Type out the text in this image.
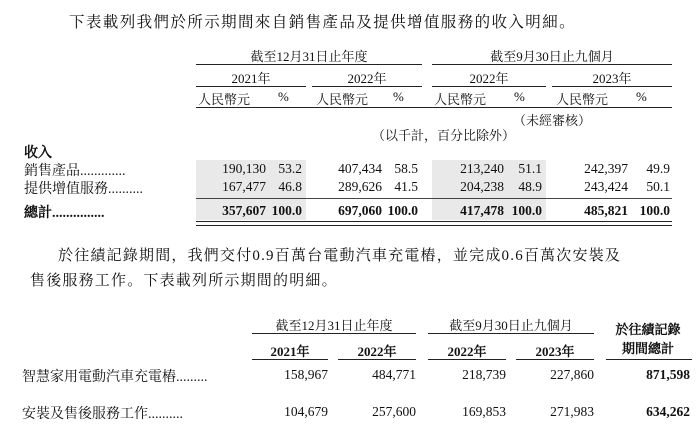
下表載列我們於所示期間來自銷售產品及提供增值服務的收入明細。
截至12月31日止年度	截至9月30日止九個月
2021年	2022年	2022年	2023年
人民幣元 % 人民幣元 % 人民幣元 % 人民幣元 %
（未經審核）
（以千計，百分比除外）
收入
銷售產品.............	190,130 53.2	407,434 58.5	213,240	51.1	242,397	49.9
提供增值服務..........	167,477 46.8	289,626 41.5	204,238	48.9	243,424	50.1
總計...............	357,607 100.0	697,060 100.0	417,478 100.0	485,821 100.0
於往績記錄期間，我們交付0.9百萬台電動汽車充電樁，並完成0.6百萬次安裝及
售後服務工作。下表載列所示期間的明細。
截至12月31日止年度	截至9月30日止九個月	於往績記錄
期間總計
2021年	2022年	2022年	2023年
智慧家用電動汽車充電樁.........	158,967	484,771	218,739	227,860	871,598
安裝及售後服務工作..........	104,679	257,600	169,853	271,983	634,262
